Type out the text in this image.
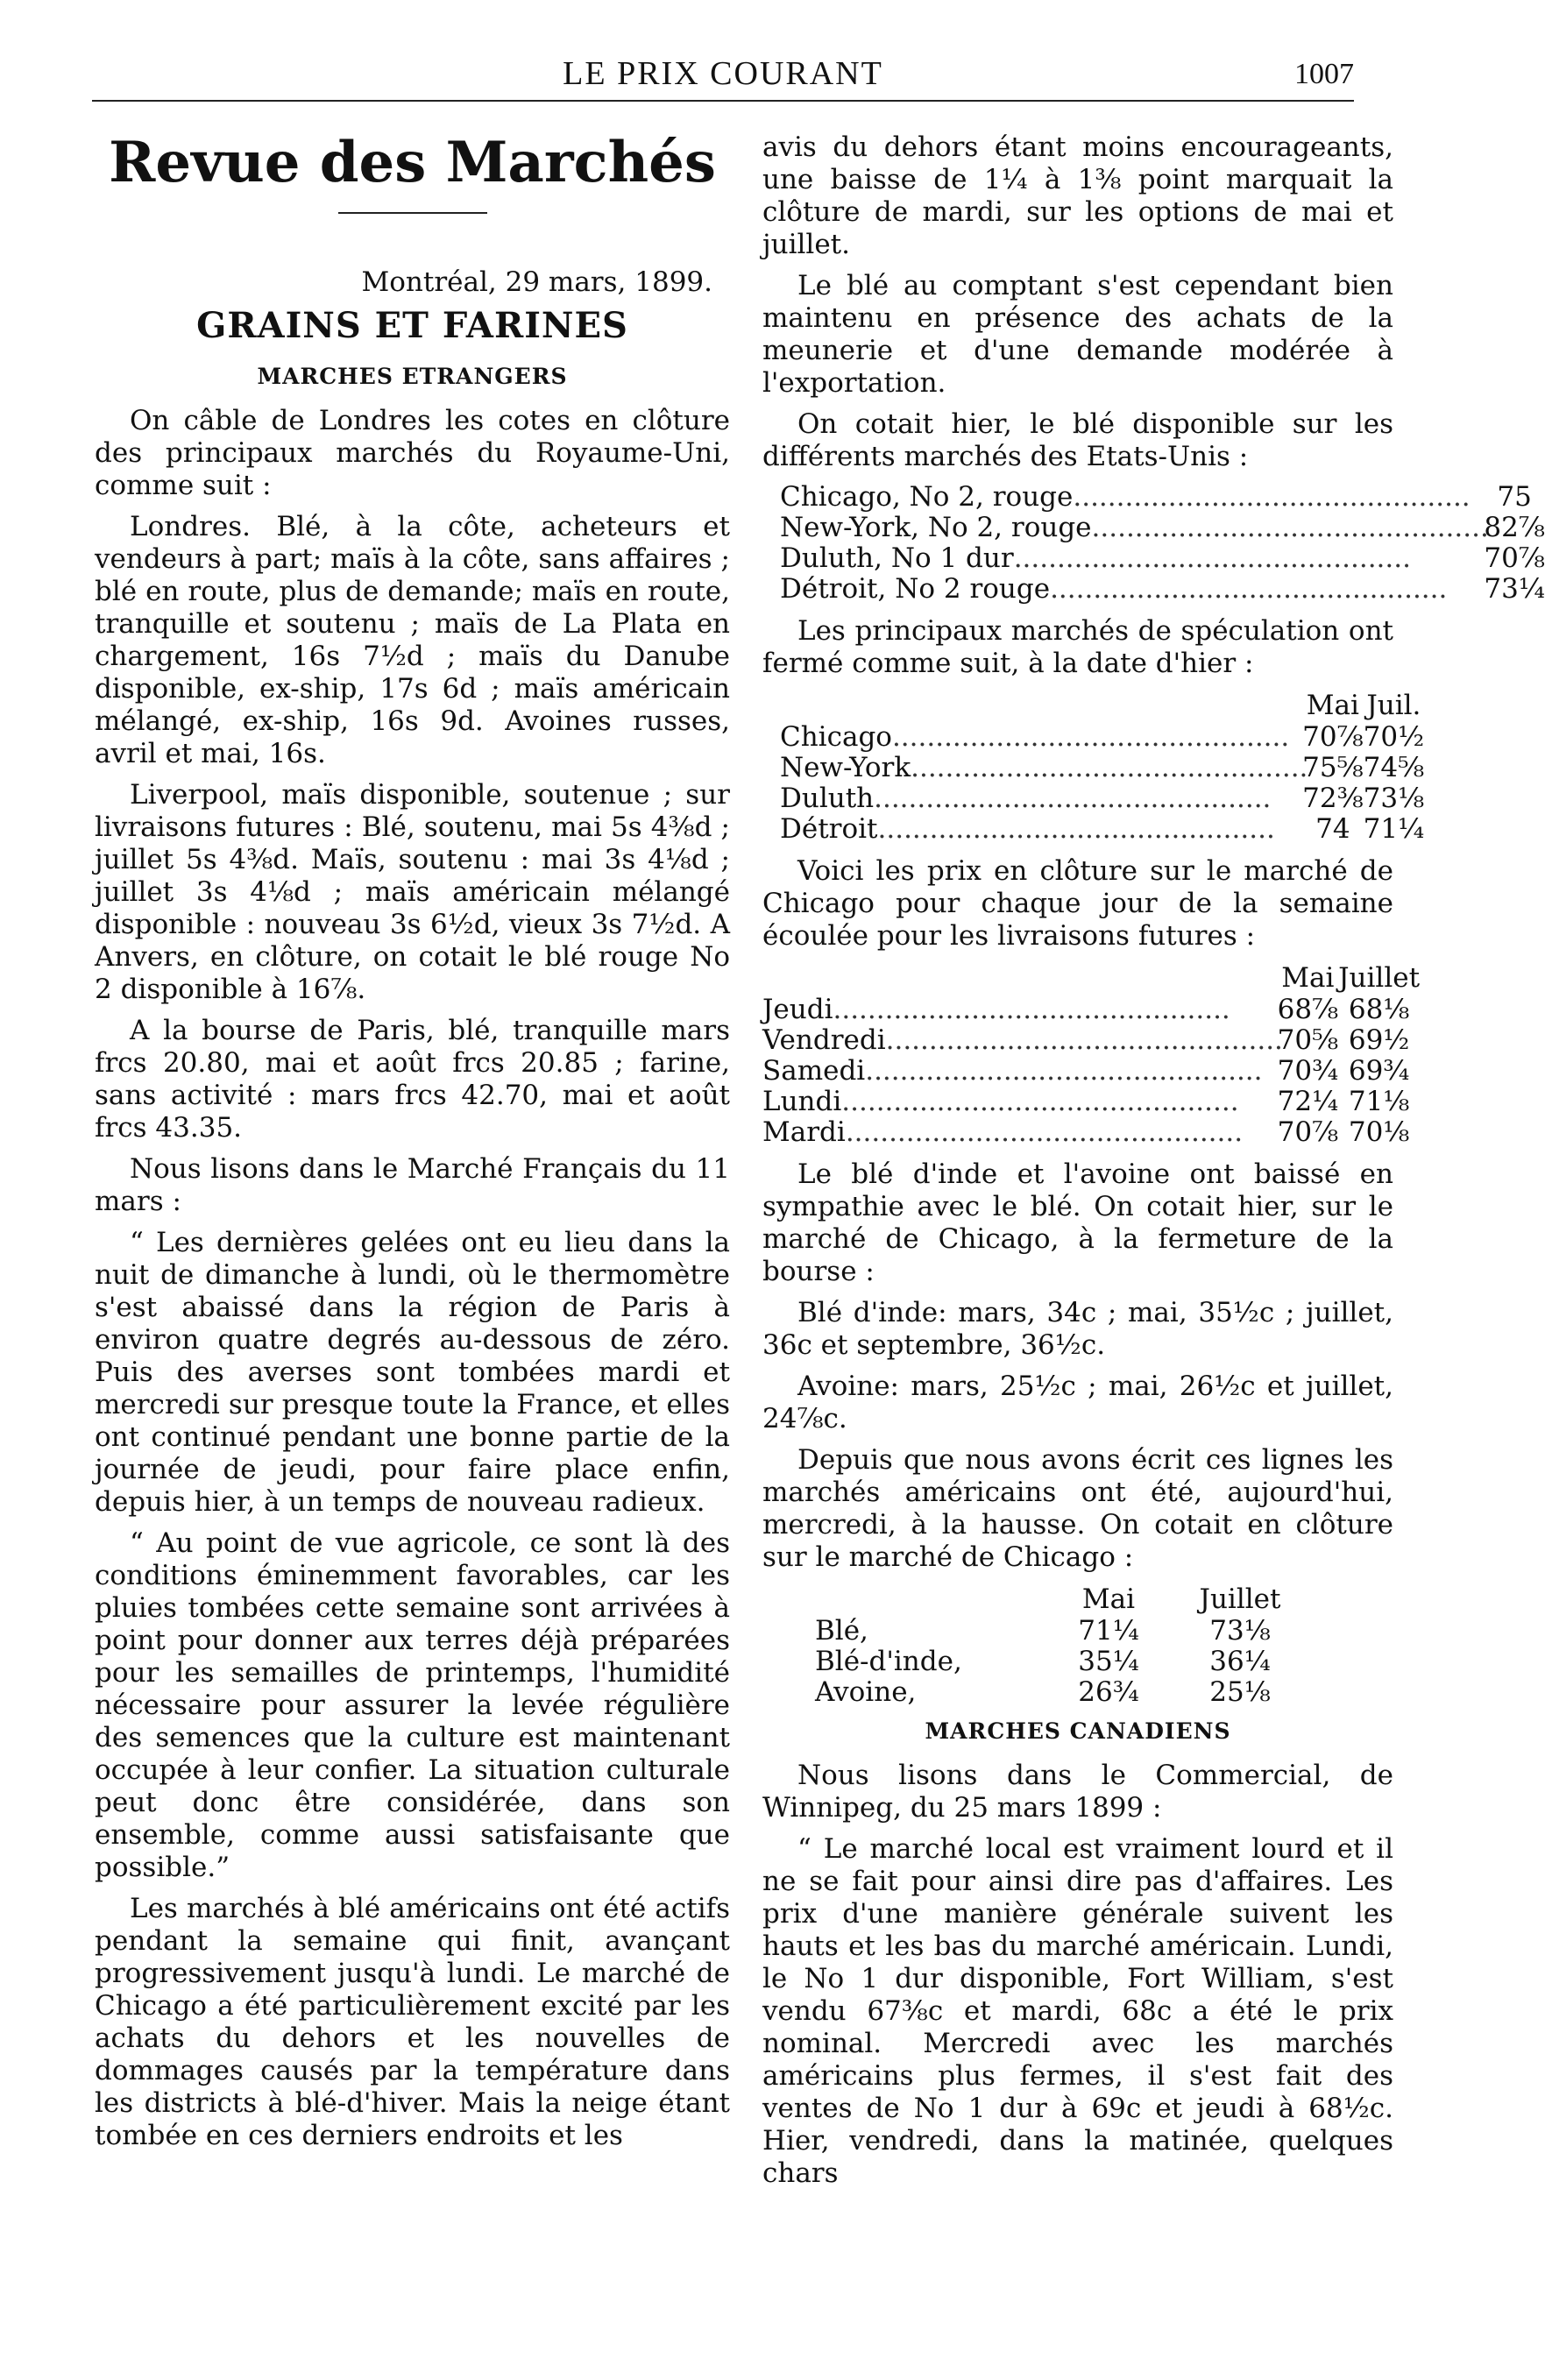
LE PRIX COURANT	1007
Revue des Marchés
Montréal, 29 mars, 1899.
GRAINS ET FARINES
MARCHES ETRANGERS

On câble de Londres les cotes en clôture des principaux marchés du Royaume-Uni, comme suit :

Londres. Blé, à la côte, acheteurs et vendeurs à part; maïs à la côte, sans affaires ; blé en route, plus de demande; maïs en route, tranquille et soutenu ; maïs de La Plata en chargement, 16s 7½d ; maïs du Danube disponible, ex-ship, 17s 6d ; maïs américain mélangé, ex-ship, 16s 9d. Avoines russes, avril et mai, 16s.

Liverpool, maïs disponible, soutenue ; sur livraisons futures : Blé, soutenu, mai 5s 4⅜d ; juillet 5s 4⅜d. Maïs, soutenu : mai 3s 4⅛d ; juillet 3s 4⅛d ; maïs américain mélangé disponible : nouveau 3s 6½d, vieux 3s 7½d. A Anvers, en clôture, on cotait le blé rouge No 2 disponible à 16⅞.

A la bourse de Paris, blé, tranquille mars frcs 20.80, mai et août frcs 20.85 ; farine, sans activité : mars frcs 42.70, mai et août frcs 43.35.

Nous lisons dans le Marché Français du 11 mars :

“ Les dernières gelées ont eu lieu dans la nuit de dimanche à lundi, où le thermomètre s'est abaissé dans la région de Paris à environ quatre degrés au-dessous de zéro. Puis des averses sont tombées mardi et mercredi sur presque toute la France, et elles ont continué pendant une bonne partie de la journée de jeudi, pour faire place enfin, depuis hier, à un temps de nouveau radieux.

“ Au point de vue agricole, ce sont là des conditions éminemment favorables, car les pluies tombées cette semaine sont arrivées à point pour donner aux terres déjà préparées pour les semailles de printemps, l'humidité nécessaire pour assurer la levée régulière des semences que la culture est maintenant occupée à leur confier. La situation culturale peut donc être considérée, dans son ensemble, comme aussi satisfaisante que possible.”

Les marchés à blé américains ont été actifs pendant la semaine qui finit, avançant progressivement jusqu'à lundi. Le marché de Chicago a été particulièrement excité par les achats du dehors et les nouvelles de dommages causés par la température dans les districts à blé-d'hiver. Mais la neige étant tombée en ces derniers endroits et les

avis du dehors étant moins encourageants, une baisse de 1¼ à 1⅜ point marquait la clôture de mardi, sur les options de mai et juillet.

Le blé au comptant s'est cependant bien maintenu en présence des achats de la meunerie et d'une demande modérée à l'exportation.

On cotait hier, le blé disponible sur les différents marchés des Etats-Unis :

Chicago, No 2, rouge..............................................	75
New-York, No 2, rouge..............................................	82⅞
Duluth, No 1 dur..............................................	70⅞
Détroit, No 2 rouge..............................................	73¼

Les principaux marchés de spéculation ont fermé comme suit, à la date d'hier :

	Mai	Juil.
Chicago..............................................	70⅞	70½
New-York..............................................	75⅝	74⅝
Duluth..............................................	72⅜	73⅛
Détroit..............................................	74	71¼

Voici les prix en clôture sur le marché de Chicago pour chaque jour de la semaine écoulée pour les livraisons futures :

	Mai	Juillet
Jeudi..............................................	68⅞	68⅛
Vendredi..............................................	70⅝	69½
Samedi..............................................	70¾	69¾
Lundi..............................................	72¼	71⅛
Mardi..............................................	70⅞	70⅛

Le blé d'inde et l'avoine ont baissé en sympathie avec le blé. On cotait hier, sur le marché de Chicago, à la fermeture de la bourse :

Blé d'inde: mars, 34c ; mai, 35½c ; juillet, 36c et septembre, 36½c.

Avoine: mars, 25½c ; mai, 26½c et juillet, 24⅞c.

Depuis que nous avons écrit ces lignes les marchés américains ont été, aujourd'hui, mercredi, à la hausse. On cotait en clôture sur le marché de Chicago :

	Mai	Juillet
Blé,	71¼	73⅛
Blé-d'inde,	35¼	36¼
Avoine,	26¾	25⅛
MARCHES CANADIENS

Nous lisons dans le Commercial, de Winnipeg, du 25 mars 1899 :

“ Le marché local est vraiment lourd et il ne se fait pour ainsi dire pas d'affaires. Les prix d'une manière générale suivent les hauts et les bas du marché américain. Lundi, le No 1 dur disponible, Fort William, s'est vendu 67⅜c et mardi, 68c a été le prix nominal. Mercredi avec les marchés américains plus fermes, il s'est fait des ventes de No 1 dur à 69c et jeudi à 68½c. Hier, vendredi, dans la matinée, quelques chars
